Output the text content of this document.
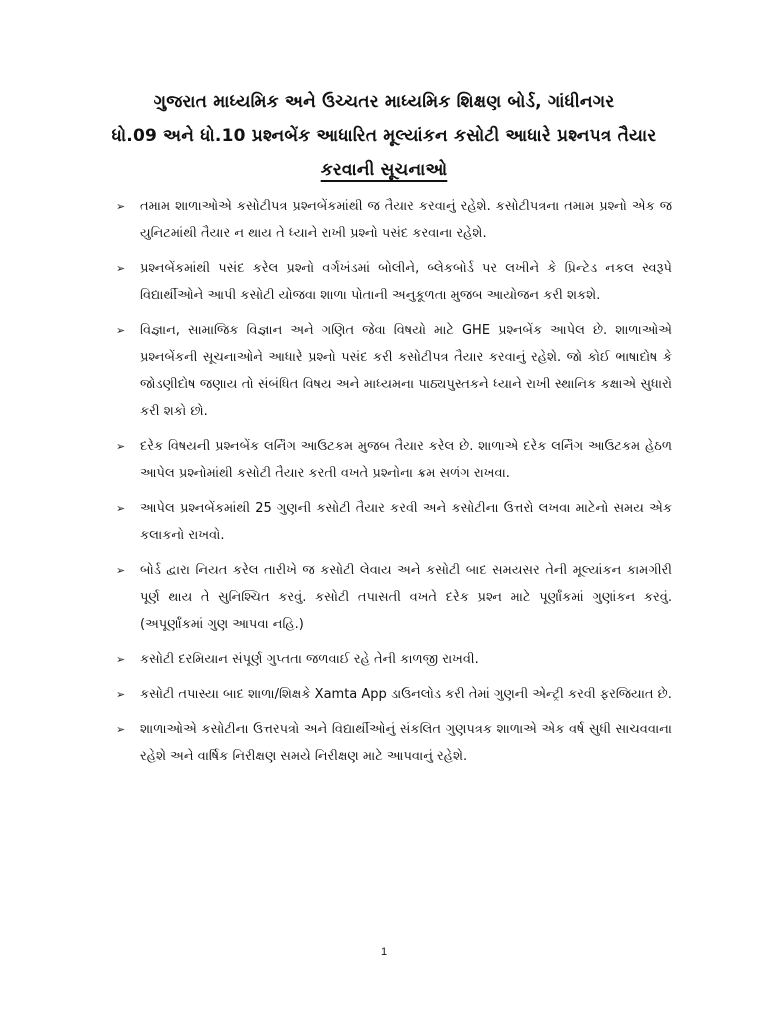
ગુજરાત માધ્યમિક અને ઉચ્ચતર માધ્યમિક શિક્ષણ બોર્ડ, ગાંધીનગર
ધો.09 અને ધો.10 પ્રશ્નબેંક આધારિત મૂલ્યાંકન કસોટી આધારે પ્રશ્નપત્ર તૈયાર
કરવાની સૂચનાઓ
➢ તમામ શાળાઓએ કસોટીપત્ર પ્રશ્નબેંકમાંથી જ તૈયાર કરવાનું રહેશે. કસોટીપત્રના તમામ પ્રશ્નો એક જ યુનિટમાંથી તૈયાર ન થાય તે ધ્યાને રાખી પ્રશ્નો પસંદ કરવાના રહેશે.
➢ પ્રશ્નબેંકમાંથી પસંદ કરેલ પ્રશ્નો વર્ગખંડમાં બોલીને, બ્લેકબોર્ડ પર લખીને કે પ્રિન્ટેડ નકલ સ્વરૂપે વિદ્યાર્થીઓને આપી કસોટી યોજવા શાળા પોતાની અનુકૂળતા મુજબ આયોજન કરી શકશે.
➢ વિજ્ઞાન, સામાજિક વિજ્ઞાન અને ગણિત જેવા વિષયો માટે GHE પ્રશ્નબેંક આપેલ છે. શાળાઓએ પ્રશ્નબેંકની સૂચનાઓને આધારે પ્રશ્નો પસંદ કરી કસોટીપત્ર તૈયાર કરવાનું રહેશે. જો કોઈ ભાષાદોષ કે જોડણીદોષ જણાય તો સંબંધિત વિષય અને માધ્યમના પાઠ્યપુસ્તકને ધ્યાને રાખી સ્થાનિક કક્ષાએ સુધારો કરી શકો છો.
➢ દરેક વિષયની પ્રશ્નબેંક લર્નિંગ આઉટકમ મુજબ તૈયાર કરેલ છે. શાળાએ દરેક લર્નિંગ આઉટકમ હેઠળ આપેલ પ્રશ્નોમાંથી કસોટી તૈયાર કરતી વખતે પ્રશ્નોના ક્રમ સળંગ રાખવા.
➢ આપેલ પ્રશ્નબેંકમાંથી 25 ગુણની કસોટી તૈયાર કરવી અને કસોટીના ઉત્તરો લખવા માટેનો સમય એક કલાકનો રાખવો.
➢ બોર્ડ દ્વારા નિયત કરેલ તારીખે જ કસોટી લેવાય અને કસોટી બાદ સમયસર તેની મૂલ્યાંકન કામગીરી પૂર્ણ થાય તે સુનિશ્ચિત કરવું. કસોટી તપાસતી વખતે દરેક પ્રશ્ન માટે પૂર્ણાંકમાં ગુણાંકન કરવું. (અપૂર્ણાંકમાં ગુણ આપવા નહિ.)
➢ કસોટી દરમિયાન સંપૂર્ણ ગુપ્તતા જળવાઈ રહે તેની કાળજી રાખવી.
➢ કસોટી તપાસ્યા બાદ શાળા/શિક્ષકે Xamta App ડાઉનલોડ કરી તેમાં ગુણની એન્ટ્રી કરવી ફરજિયાત છે.
➢ શાળાઓએ કસોટીના ઉત્તરપત્રો અને વિદ્યાર્થીઓનું સંકલિત ગુણપત્રક શાળાએ એક વર્ષ સુધી સાચવવાના રહેશે અને વાર્ષિક નિરીક્ષણ સમયે નિરીક્ષણ માટે આપવાનું રહેશે.
1
